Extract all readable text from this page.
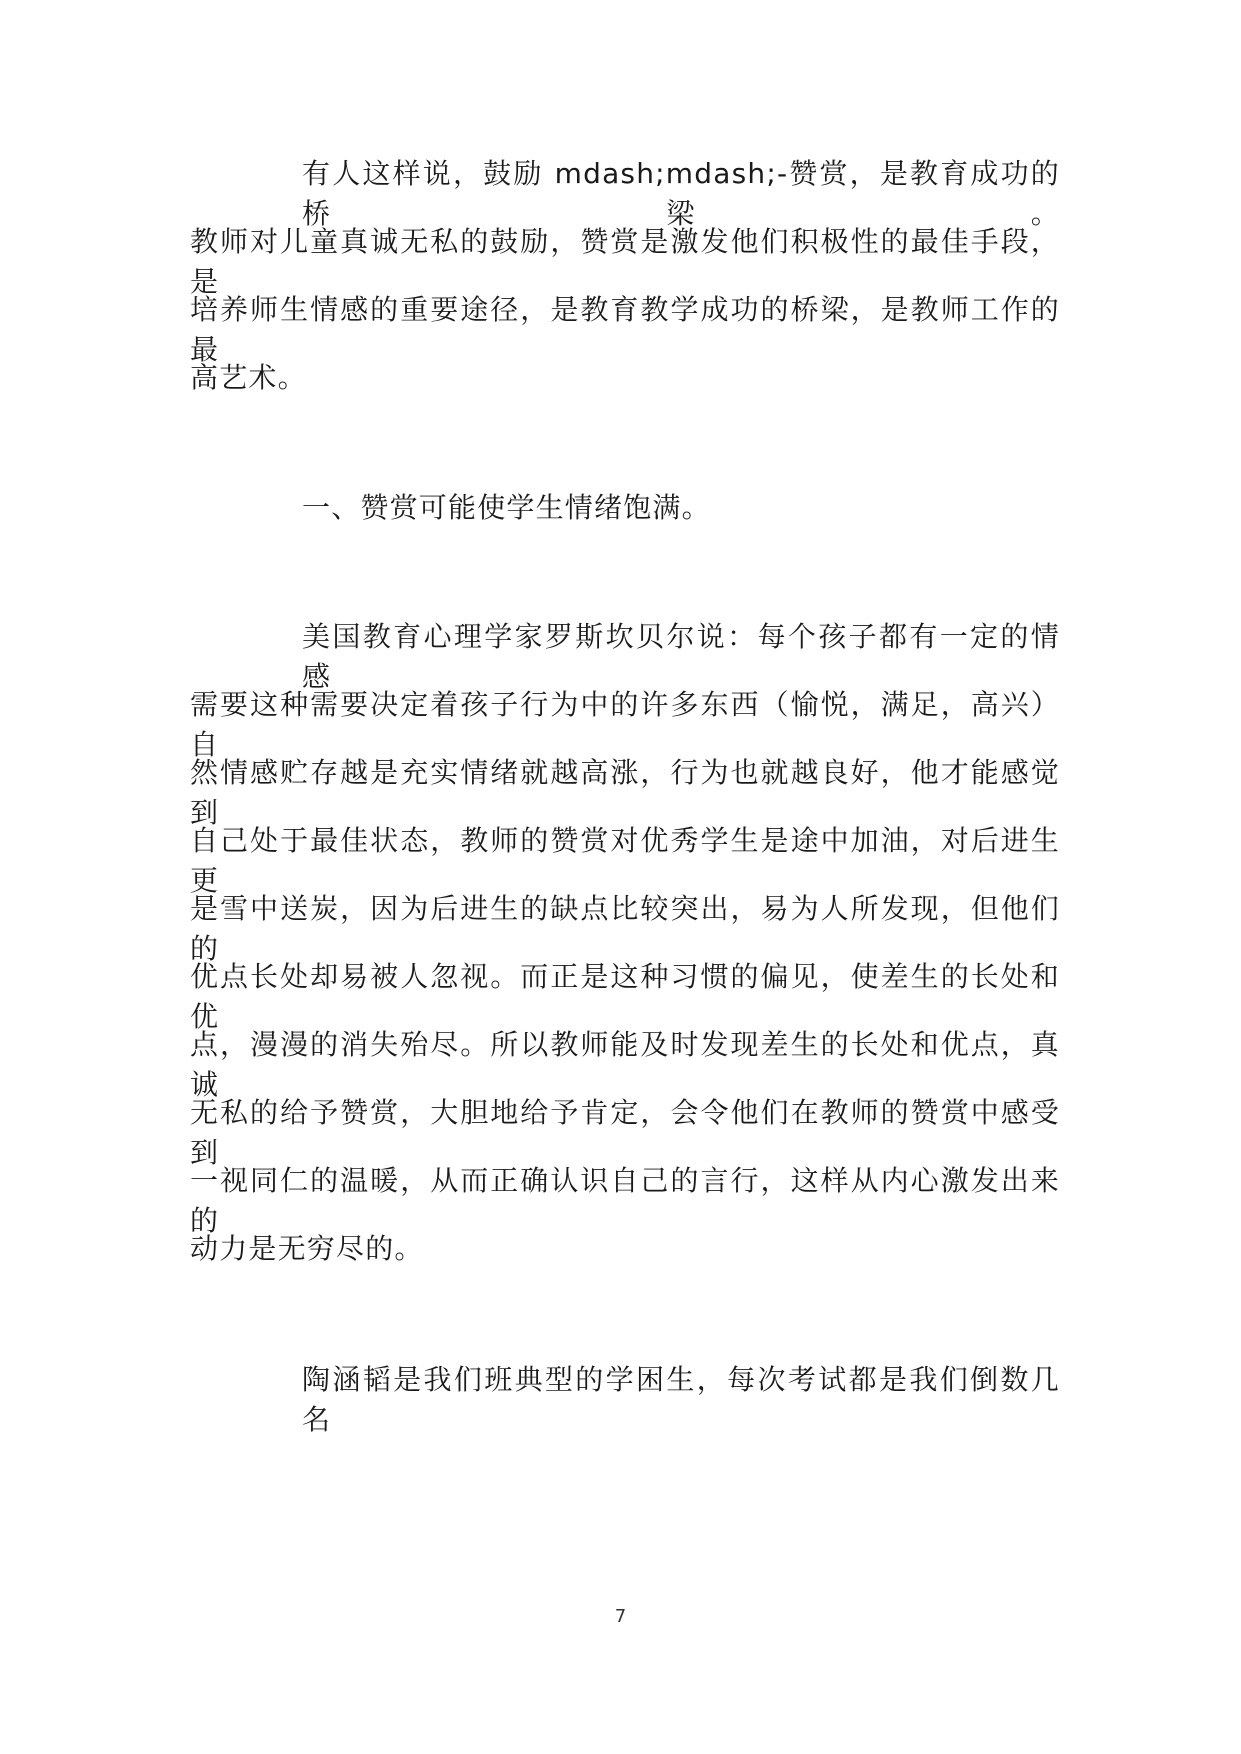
有人这样说，鼓励 mdash;mdash;-赞赏，是教育成功的桥梁。
教师对儿童真诚无私的鼓励，赞赏是激发他们积极性的最佳手段，是
培养师生情感的重要途径，是教育教学成功的桥梁，是教师工作的最
高艺术。
一、赞赏可能使学生情绪饱满。
美国教育心理学家罗斯坎贝尔说：每个孩子都有一定的情感
需要这种需要决定着孩子行为中的许多东西（愉悦，满足，高兴）自
然情感贮存越是充实情绪就越高涨，行为也就越良好，他才能感觉到
自己处于最佳状态，教师的赞赏对优秀学生是途中加油，对后进生更
是雪中送炭，因为后进生的缺点比较突出，易为人所发现，但他们的
优点长处却易被人忽视。而正是这种习惯的偏见，使差生的长处和优
点，漫漫的消失殆尽。所以教师能及时发现差生的长处和优点，真诚
无私的给予赞赏，大胆地给予肯定，会令他们在教师的赞赏中感受到
一视同仁的温暖，从而正确认识自己的言行，这样从内心激发出来的
动力是无穷尽的。
陶涵韬是我们班典型的学困生，每次考试都是我们倒数几名
7
